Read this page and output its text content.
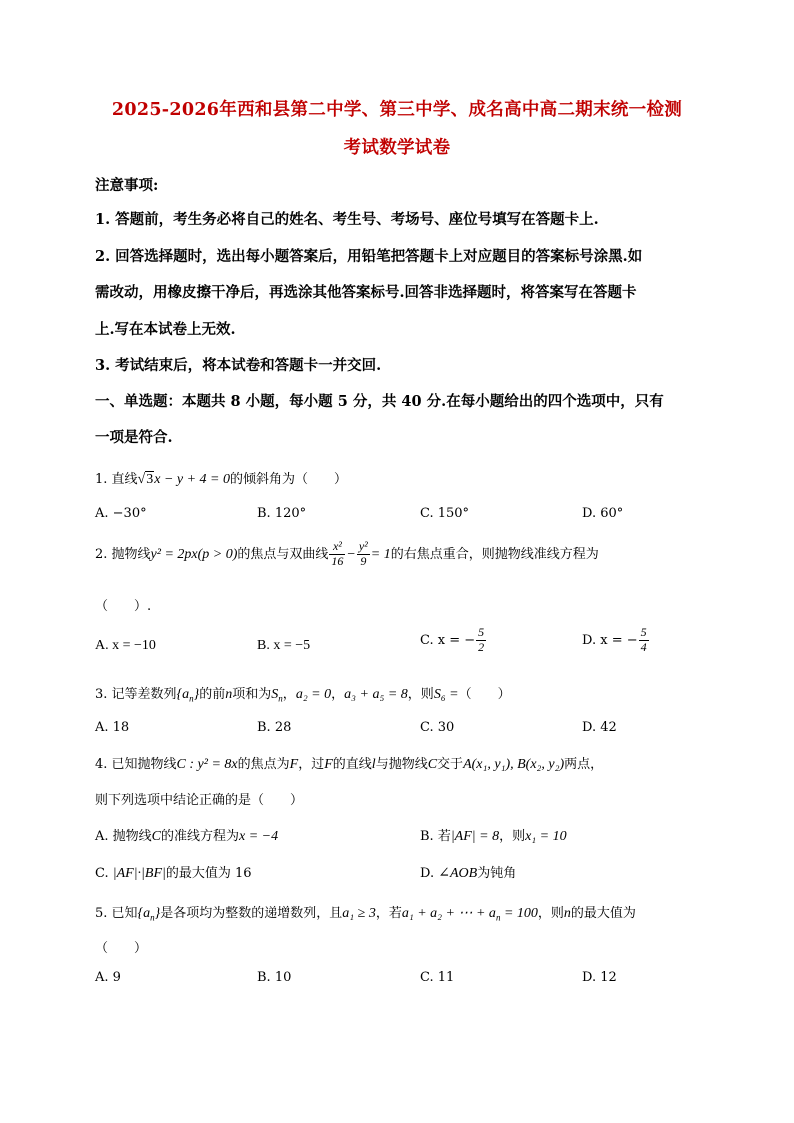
2025-2026年西和县第二中学、第三中学、成名高中高二期末统一检测
考试数学试卷
注意事项:
1. 答题前，考生务必将自己的姓名、考生号、考场号、座位号填写在答题卡上.
2. 回答选择题时，选出每小题答案后，用铅笔把答题卡上对应题目的答案标号涂黑.如
需改动，用橡皮擦干净后，再选涂其他答案标号.回答非选择题时，将答案写在答题卡
上.写在本试卷上无效.
3. 考试结束后，将本试卷和答题卡一并交回.
一、单选题：本题共 8 小题，每小题 5 分，共 40 分.在每小题给出的四个选项中，只有
一项是符合.
1. 直线√3x − y + 4 = 0的倾斜角为（　　）
A. −30°	B. 120°	C. 150°	D. 60°
2. 抛物线y² = 2px(p > 0)的焦点与双曲线 $\frac{\text{x²}}{16} - \frac{\text{y²}}{9} = 1$的右焦点重合，则抛物线准线方程为
（　　）.
A. x = −10	B. x = −5	C. x = − $\frac{5}{2}$	D. x = − $\frac{5}{4}$
3. 记等差数列$\{a_n\}$的前n项和为$S_n$，a₂ = 0，a₃ + a₅ = 8，则S₆ =（　　）
A. 18	B. 28	C. 30	D. 42
4. 已知抛物线C : y² = 8x的焦点为F，过F的直线l与抛物线C交于A(x₁, y₁), B(x₂, y₂)两点，
则下列选项中结论正确的是（　　）
A. 抛物线C的准线方程为x = −4	B. 若|AF| = 8，则x₁ = 10
C. |AF|·|BF|的最大值为 16	D. ∠AOB为钝角
5. 已知$\{a_n\}$是各项均为整数的递增数列，且a₁ ≥ 3，若a₁ + a₂ + ⋯ + $a_n = 100$，则n的最大值为
（　　）
A. 9	B. 10	C. 11	D. 12
